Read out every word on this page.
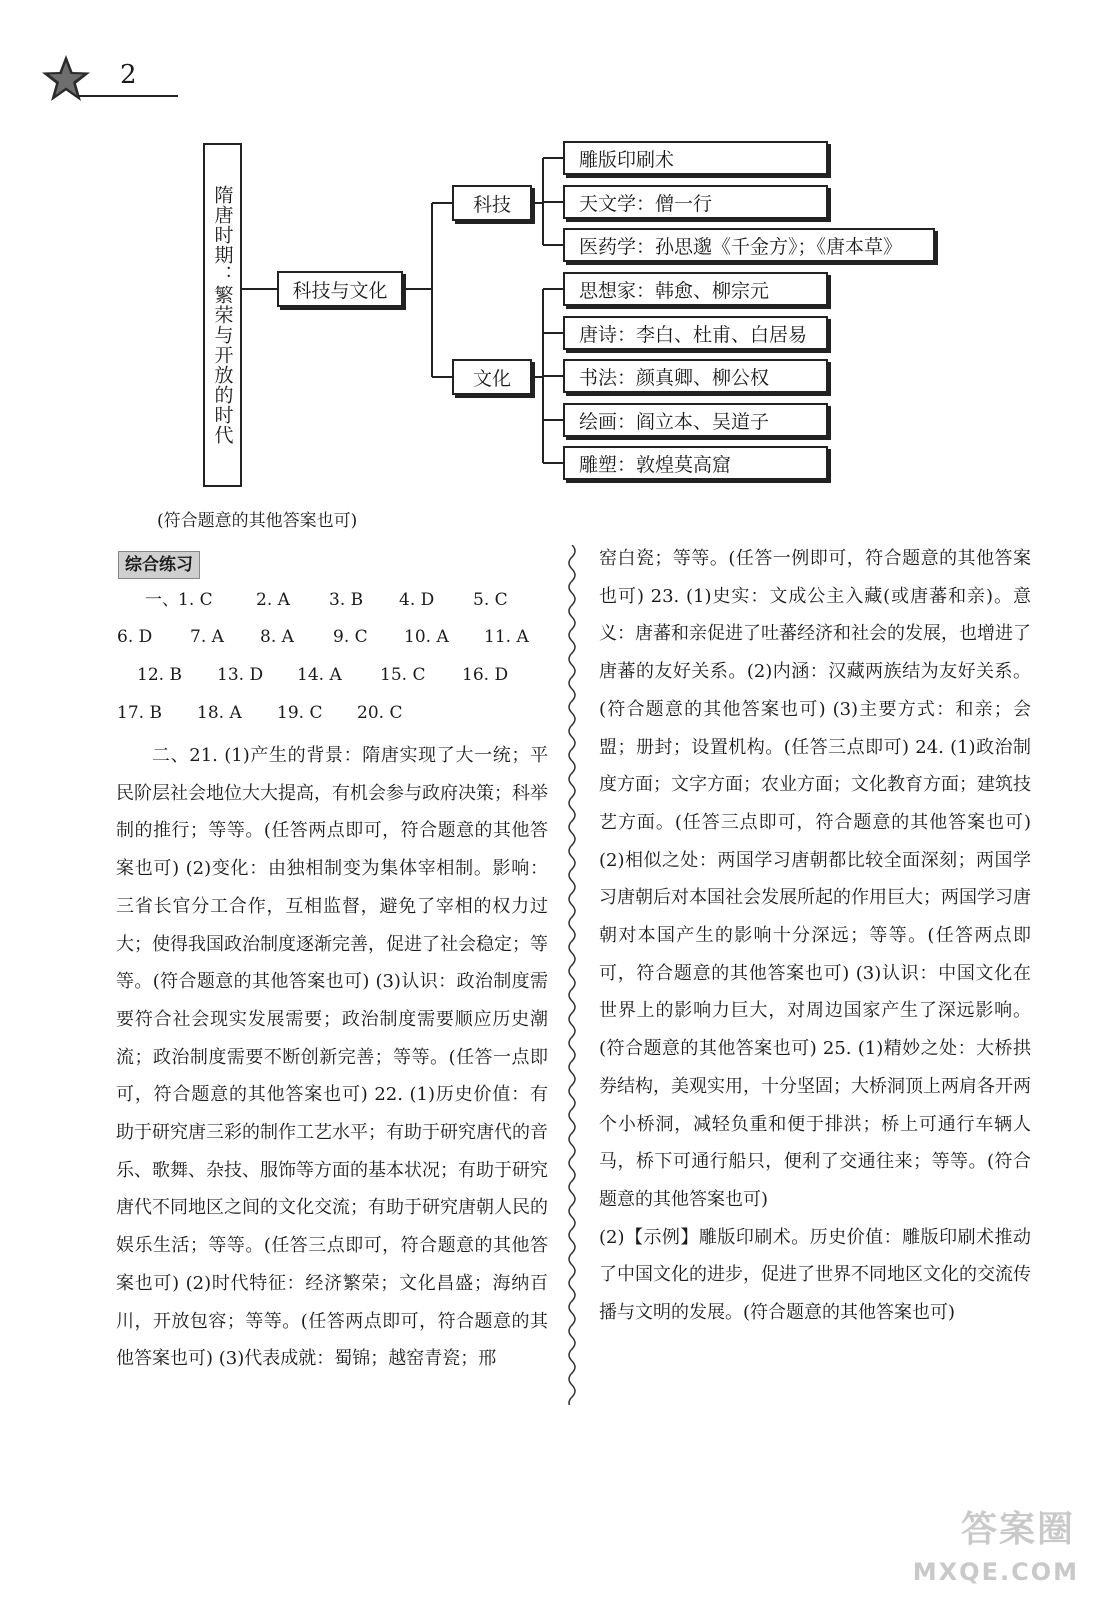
2
隋唐时期：繁荣与开放的时代	科技与文化
科技
文化
雕版印刷术
天文学：僧一行
医药学：孙思邈《千金方》；《唐本草》
思想家：韩愈、柳宗元
唐诗：李白、杜甫、白居易
书法：颜真卿、柳公权
绘画：阎立本、吴道子
雕塑：敦煌莫高窟
(符合题意的其他答案也可)
综合练习
一、 1. C	2. A 3. B 4. D 5. C
6. D 7. A 8. A 9. C 10. A 11. A
12. B 13. D 14. A 15. C 16. D
17. B 18. A 19. C 20. C

二、21. (1)产生的背景：隋唐实现了大一统；平民阶层社会地位大大提高，有机会参与政府决策；科举制的推行；等等。(任答两点即可，符合题意的其他答案也可) (2)变化：由独相制变为集体宰相制。影响：三省长官分工合作，互相监督，避免了宰相的权力过大；使得我国政治制度逐渐完善，促进了社会稳定；等等。(符合题意的其他答案也可) (3)认识：政治制度需要符合社会现实发展需要；政治制度需要顺应历史潮流；政治制度需要不断创新完善；等等。(任答一点即可，符合题意的其他答案也可) 22. (1)历史价值：有助于研究唐三彩的制作工艺水平；有助于研究唐代的音乐、歌舞、杂技、服饰等方面的基本状况；有助于研究唐代不同地区之间的文化交流；有助于研究唐朝人民的娱乐生活；等等。(任答三点即可，符合题意的其他答案也可) (2)时代特征：经济繁荣；文化昌盛；海纳百川，开放包容；等等。(任答两点即可，符合题意的其他答案也可) (3)代表成就：蜀锦；越窑青瓷；邢

窑白瓷；等等。(任答一例即可，符合题意的其他答案也可) 23. (1)史实：文成公主入藏(或唐蕃和亲)。意义：唐蕃和亲促进了吐蕃经济和社会的发展，也增进了唐蕃的友好关系。(2)内涵：汉藏两族结为友好关系。(符合题意的其他答案也可) (3)主要方式：和亲；会盟；册封；设置机构。(任答三点即可) 24. (1)政治制度方面；文字方面；农业方面；文化教育方面；建筑技艺方面。(任答三点即可，符合题意的其他答案也可) (2)相似之处：两国学习唐朝都比较全面深刻；两国学习唐朝后对本国社会发展所起的作用巨大；两国学习唐朝对本国产生的影响十分深远；等等。(任答两点即可，符合题意的其他答案也可) (3)认识：中国文化在世界上的影响力巨大，对周边国家产生了深远影响。(符合题意的其他答案也可) 25. (1)精妙之处：大桥拱券结构，美观实用，十分坚固；大桥洞顶上两肩各开两个小桥洞，减轻负重和便于排洪；桥上可通行车辆人马，桥下可通行船只，便利了交通往来；等等。(符合题意的其他答案也可)

(2)【示例】雕版印刷术。历史价值：雕版印刷术推动了中国文化的进步，促进了世界不同地区文化的交流传播与文明的发展。(符合题意的其他答案也可)

答案圈
MXQE.COM
